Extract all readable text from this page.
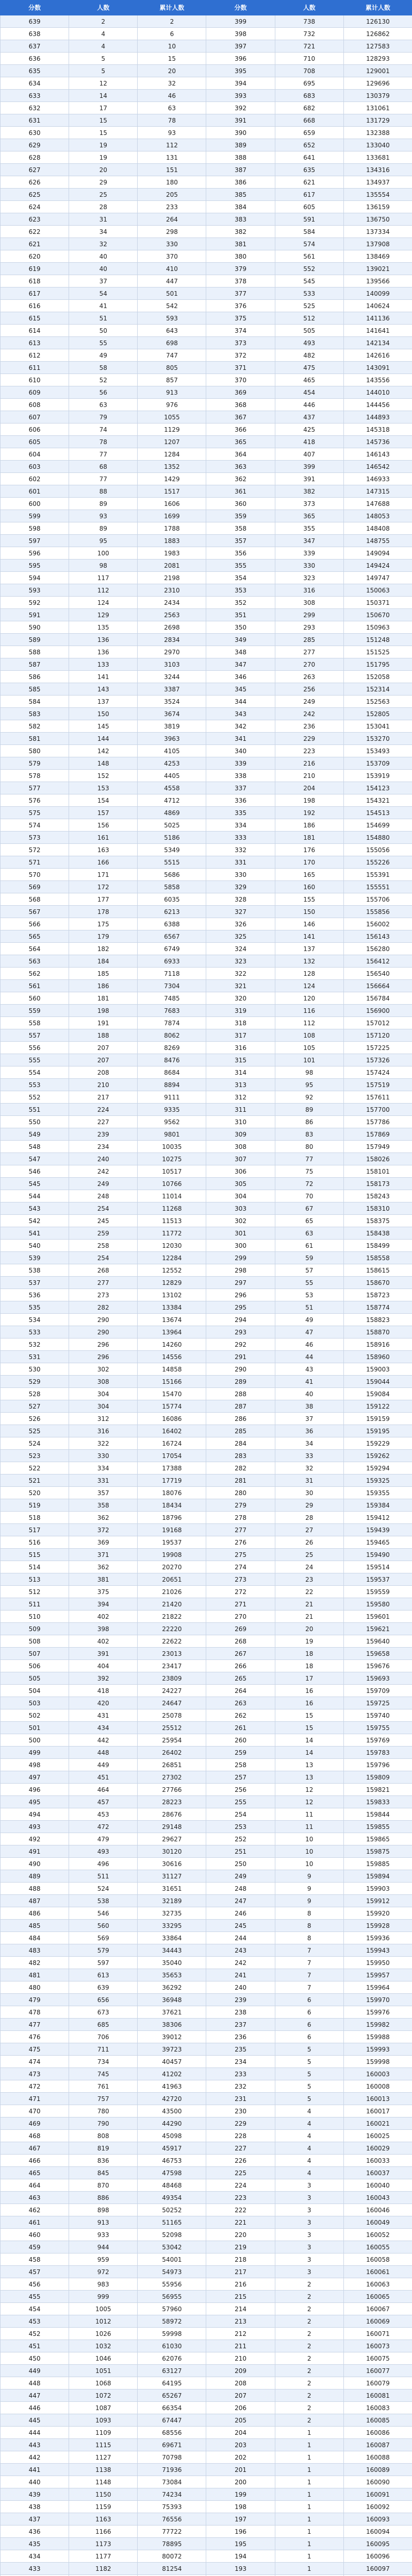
分数	人数	累计人数	分数	人数	累计人数
639	2	2	399	738	126130
638	4	6	398	732	126862
637	4	10	397	721	127583
636	5	15	396	710	128293
635	5	20	395	708	129001
634	12	32	394	695	129696
633	14	46	393	683	130379
632	17	63	392	682	131061
631	15	78	391	668	131729
630	15	93	390	659	132388
629	19	112	389	652	133040
628	19	131	388	641	133681
627	20	151	387	635	134316
626	29	180	386	621	134937
625	25	205	385	617	135554
624	28	233	384	605	136159
623	31	264	383	591	136750
622	34	298	382	584	137334
621	32	330	381	574	137908
620	40	370	380	561	138469
619	40	410	379	552	139021
618	37	447	378	545	139566
617	54	501	377	533	140099
616	41	542	376	525	140624
615	51	593	375	512	141136
614	50	643	374	505	141641
613	55	698	373	493	142134
612	49	747	372	482	142616
611	58	805	371	475	143091
610	52	857	370	465	143556
609	56	913	369	454	144010
608	63	976	368	446	144456
607	79	1055	367	437	144893
606	74	1129	366	425	145318
605	78	1207	365	418	145736
604	77	1284	364	407	146143
603	68	1352	363	399	146542
602	77	1429	362	391	146933
601	88	1517	361	382	147315
600	89	1606	360	373	147688
599	93	1699	359	365	148053
598	89	1788	358	355	148408
597	95	1883	357	347	148755
596	100	1983	356	339	149094
595	98	2081	355	330	149424
594	117	2198	354	323	149747
593	112	2310	353	316	150063
592	124	2434	352	308	150371
591	129	2563	351	299	150670
590	135	2698	350	293	150963
589	136	2834	349	285	151248
588	136	2970	348	277	151525
587	133	3103	347	270	151795
586	141	3244	346	263	152058
585	143	3387	345	256	152314
584	137	3524	344	249	152563
583	150	3674	343	242	152805
582	145	3819	342	236	153041
581	144	3963	341	229	153270
580	142	4105	340	223	153493
579	148	4253	339	216	153709
578	152	4405	338	210	153919
577	153	4558	337	204	154123
576	154	4712	336	198	154321
575	157	4869	335	192	154513
574	156	5025	334	186	154699
573	161	5186	333	181	154880
572	163	5349	332	176	155056
571	166	5515	331	170	155226
570	171	5686	330	165	155391
569	172	5858	329	160	155551
568	177	6035	328	155	155706
567	178	6213	327	150	155856
566	175	6388	326	146	156002
565	179	6567	325	141	156143
564	182	6749	324	137	156280
563	184	6933	323	132	156412
562	185	7118	322	128	156540
561	186	7304	321	124	156664
560	181	7485	320	120	156784
559	198	7683	319	116	156900
558	191	7874	318	112	157012
557	188	8062	317	108	157120
556	207	8269	316	105	157225
555	207	8476	315	101	157326
554	208	8684	314	98	157424
553	210	8894	313	95	157519
552	217	9111	312	92	157611
551	224	9335	311	89	157700
550	227	9562	310	86	157786
549	239	9801	309	83	157869
548	234	10035	308	80	157949
547	240	10275	307	77	158026
546	242	10517	306	75	158101
545	249	10766	305	72	158173
544	248	11014	304	70	158243
543	254	11268	303	67	158310
542	245	11513	302	65	158375
541	259	11772	301	63	158438
540	258	12030	300	61	158499
539	254	12284	299	59	158558
538	268	12552	298	57	158615
537	277	12829	297	55	158670
536	273	13102	296	53	158723
535	282	13384	295	51	158774
534	290	13674	294	49	158823
533	290	13964	293	47	158870
532	296	14260	292	46	158916
531	296	14556	291	44	158960
530	302	14858	290	43	159003
529	308	15166	289	41	159044
528	304	15470	288	40	159084
527	304	15774	287	38	159122
526	312	16086	286	37	159159
525	316	16402	285	36	159195
524	322	16724	284	34	159229
523	330	17054	283	33	159262
522	334	17388	282	32	159294
521	331	17719	281	31	159325
520	357	18076	280	30	159355
519	358	18434	279	29	159384
518	362	18796	278	28	159412
517	372	19168	277	27	159439
516	369	19537	276	26	159465
515	371	19908	275	25	159490
514	362	20270	274	24	159514
513	381	20651	273	23	159537
512	375	21026	272	22	159559
511	394	21420	271	21	159580
510	402	21822	270	21	159601
509	398	22220	269	20	159621
508	402	22622	268	19	159640
507	391	23013	267	18	159658
506	404	23417	266	18	159676
505	392	23809	265	17	159693
504	418	24227	264	16	159709
503	420	24647	263	16	159725
502	431	25078	262	15	159740
501	434	25512	261	15	159755
500	442	25954	260	14	159769
499	448	26402	259	14	159783
498	449	26851	258	13	159796
497	451	27302	257	13	159809
496	464	27766	256	12	159821
495	457	28223	255	12	159833
494	453	28676	254	11	159844
493	472	29148	253	11	159855
492	479	29627	252	10	159865
491	493	30120	251	10	159875
490	496	30616	250	10	159885
489	511	31127	249	9	159894
488	524	31651	248	9	159903
487	538	32189	247	9	159912
486	546	32735	246	8	159920
485	560	33295	245	8	159928
484	569	33864	244	8	159936
483	579	34443	243	7	159943
482	597	35040	242	7	159950
481	613	35653	241	7	159957
480	639	36292	240	7	159964
479	656	36948	239	6	159970
478	673	37621	238	6	159976
477	685	38306	237	6	159982
476	706	39012	236	6	159988
475	711	39723	235	5	159993
474	734	40457	234	5	159998
473	745	41202	233	5	160003
472	761	41963	232	5	160008
471	757	42720	231	5	160013
470	780	43500	230	4	160017
469	790	44290	229	4	160021
468	808	45098	228	4	160025
467	819	45917	227	4	160029
466	836	46753	226	4	160033
465	845	47598	225	4	160037
464	870	48468	224	3	160040
463	886	49354	223	3	160043
462	898	50252	222	3	160046
461	913	51165	221	3	160049
460	933	52098	220	3	160052
459	944	53042	219	3	160055
458	959	54001	218	3	160058
457	972	54973	217	3	160061
456	983	55956	216	2	160063
455	999	56955	215	2	160065
454	1005	57960	214	2	160067
453	1012	58972	213	2	160069
452	1026	59998	212	2	160071
451	1032	61030	211	2	160073
450	1046	62076	210	2	160075
449	1051	63127	209	2	160077
448	1068	64195	208	2	160079
447	1072	65267	207	2	160081
446	1087	66354	206	2	160083
445	1093	67447	205	2	160085
444	1109	68556	204	1	160086
443	1115	69671	203	1	160087
442	1127	70798	202	1	160088
441	1138	71936	201	1	160089
440	1148	73084	200	1	160090
439	1150	74234	199	1	160091
438	1159	75393	198	1	160092
437	1163	76556	197	1	160093
436	1166	77722	196	1	160094
435	1173	78895	195	1	160095
434	1177	80072	194	1	160096
433	1182	81254	193	1	160097
